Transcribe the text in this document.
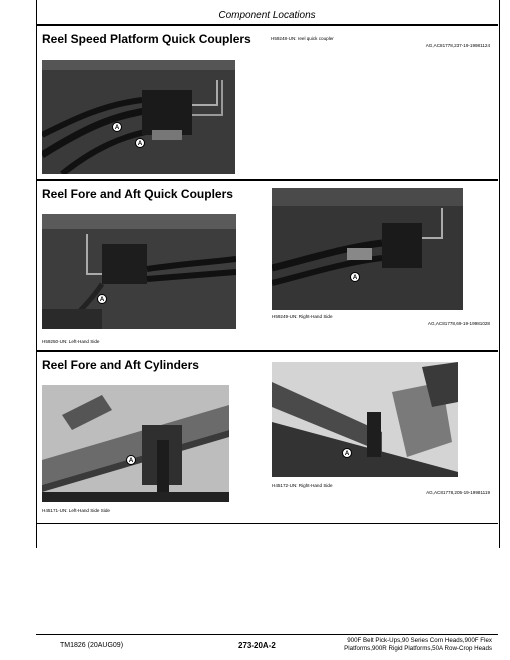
Component Locations
Reel Speed Platform Quick Couplers	H59248-UN: reel quick coupler
AG,AC81778,237-19-19981124
A
A
Reel Fore and Aft Quick Couplers
A
H59250-UN: Left-Hand Side
A
H59249-UN: Right-Hand Side
AG,AC81778,69-19-19981028
Reel Fore and Aft Cylinders
A
H45171-UN: Left-Hand Side Side
A
H45172-UN: Right-Hand Side
AG,AC81778,205-19-19981119
TM1826 (20AUG09)	273-20A-2
900F Belt Pick-Ups,90 Series Corn Heads,900F Flex
Platforms,900R Rigid Platforms,50A Row-Crop Heads
